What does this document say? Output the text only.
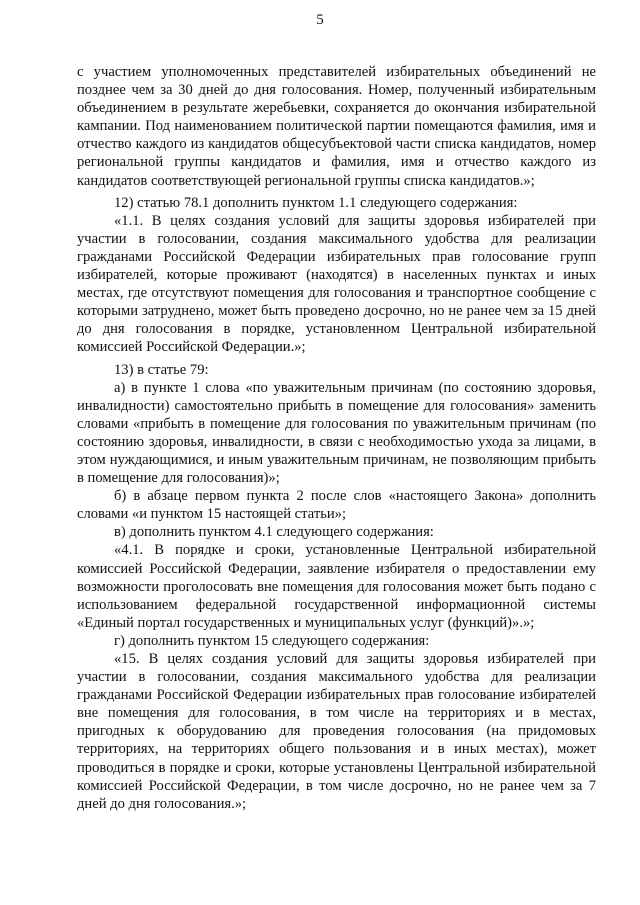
5

с участием уполномоченных представителей избирательных объединений не позднее чем за 30 дней до дня голосования. Номер, полученный избирательным объединением в результате жеребьевки, сохраняется до окончания избирательной кампании. Под наименованием политической партии помещаются фамилия, имя и отчество каждого из кандидатов общесубъектовой части списка кандидатов, номер региональной группы кандидатов и фамилия, имя и отчество каждого из кандидатов соответствующей региональной группы списка кандидатов.»;

12) статью 78.1 дополнить пунктом 1.1 следующего содержания:

«1.1. В целях создания условий для защиты здоровья избирателей при участии в голосовании, создания максимального удобства для реализации гражданами Российской Федерации избирательных прав голосование групп избирателей, которые проживают (находятся) в населенных пунктах и иных местах, где отсутствуют помещения для голосования и транспортное сообщение с которыми затруднено, может быть проведено досрочно, но не ранее чем за 15 дней до дня голосования в порядке, установленном Центральной избирательной комиссией Российской Федерации.»;

13) в статье 79:

а) в пункте 1 слова «по уважительным причинам (по состоянию здоровья, инвалидности) самостоятельно прибыть в помещение для голосования» заменить словами «прибыть в помещение для голосования по уважительным причинам (по состоянию здоровья, инвалидности, в связи с необходимостью ухода за лицами, в этом нуждающимися, и иным уважительным причинам, не позволяющим прибыть в помещение для голосования)»;

б) в абзаце первом пункта 2 после слов «настоящего Закона» дополнить словами «и пунктом 15 настоящей статьи»;

в) дополнить пунктом 4.1 следующего содержания:

«4.1. В порядке и сроки, установленные Центральной избирательной комиссией Российской Федерации, заявление избирателя о предоставлении ему возможности проголосовать вне помещения для голосования может быть подано с использованием федеральной государственной информационной системы «Единый портал государственных и муниципальных услуг (функций)».»;

г) дополнить пунктом 15 следующего содержания:

«15. В целях создания условий для защиты здоровья избирателей при участии в голосовании, создания максимального удобства для реализации гражданами Российской Федерации избирательных прав голосование избирателей вне помещения для голосования, в том числе на территориях и в местах, пригодных к оборудованию для проведения голосования (на придомовых территориях, на территориях общего пользования и в иных местах), может проводиться в порядке и сроки, которые установлены Центральной избирательной комиссией Российской Федерации, в том числе досрочно, но не ранее чем за 7 дней до дня голосования.»;
